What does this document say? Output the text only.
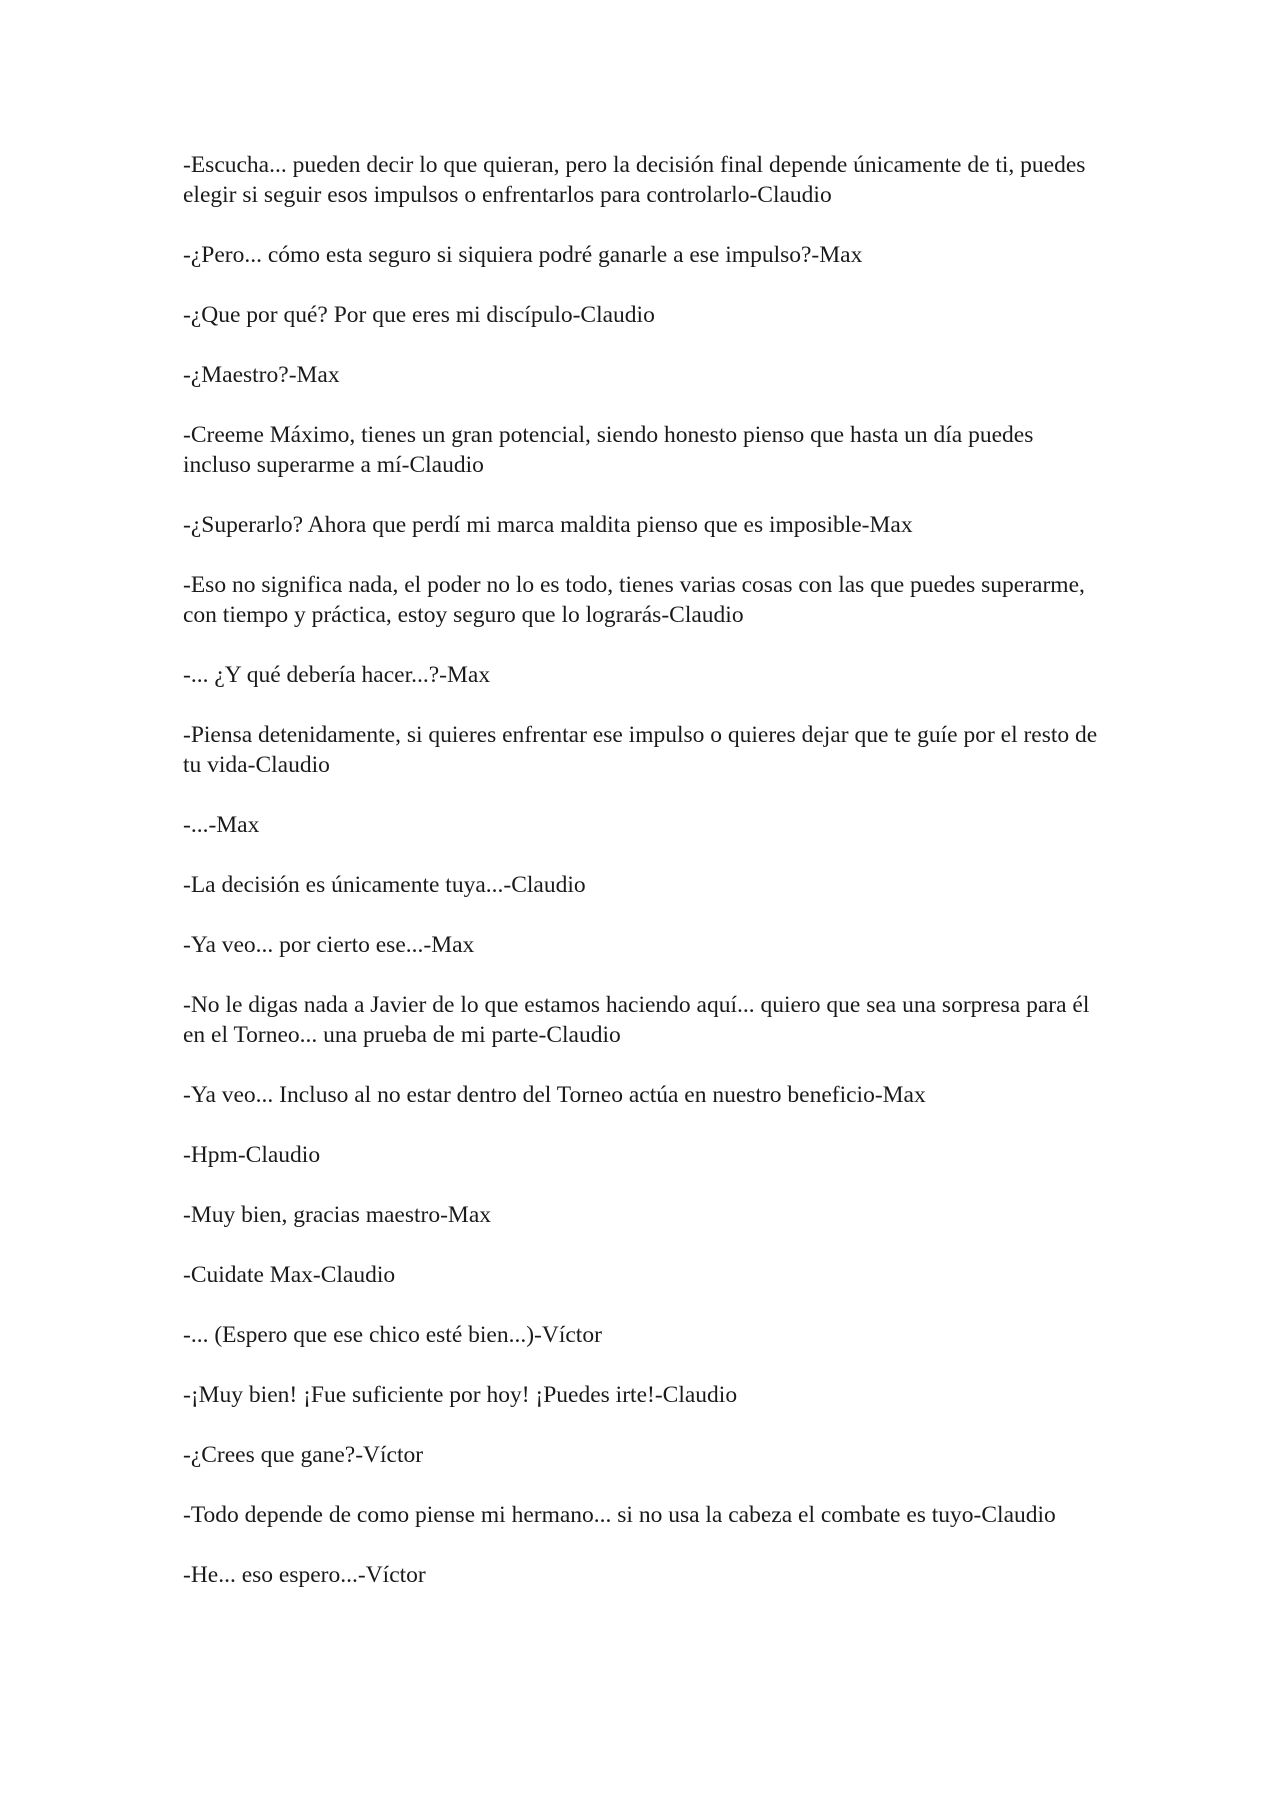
-Escucha... pueden decir lo que quieran, pero la decisión final depende únicamente de ti, puedes elegir si seguir esos impulsos o enfrentarlos para controlarlo-Claudio

-¿Pero... cómo esta seguro si siquiera podré ganarle a ese impulso?-Max

-¿Que por qué? Por que eres mi discípulo-Claudio

-¿Maestro?-Max

-Creeme Máximo, tienes un gran potencial, siendo honesto pienso que hasta un día puedes incluso superarme a mí-Claudio

-¿Superarlo? Ahora que perdí mi marca maldita pienso que es imposible-Max

-Eso no significa nada, el poder no lo es todo, tienes varias cosas con las que puedes superarme, con tiempo y práctica, estoy seguro que lo lograrás-Claudio

-... ¿Y qué debería hacer...?-Max

-Piensa detenidamente, si quieres enfrentar ese impulso o quieres dejar que te guíe por el resto de tu vida-Claudio

-...-Max

-La decisión es únicamente tuya...-Claudio

-Ya veo... por cierto ese...-Max

-No le digas nada a Javier de lo que estamos haciendo aquí... quiero que sea una sorpresa para él en el Torneo... una prueba de mi parte-Claudio

-Ya veo... Incluso al no estar dentro del Torneo actúa en nuestro beneficio-Max

-Hpm-Claudio

-Muy bien, gracias maestro-Max

-Cuidate Max-Claudio

-... (Espero que ese chico esté bien...)-Víctor

-¡Muy bien! ¡Fue suficiente por hoy! ¡Puedes irte!-Claudio

-¿Crees que gane?-Víctor

-Todo depende de como piense mi hermano... si no usa la cabeza el combate es tuyo-Claudio

-He... eso espero...-Víctor
